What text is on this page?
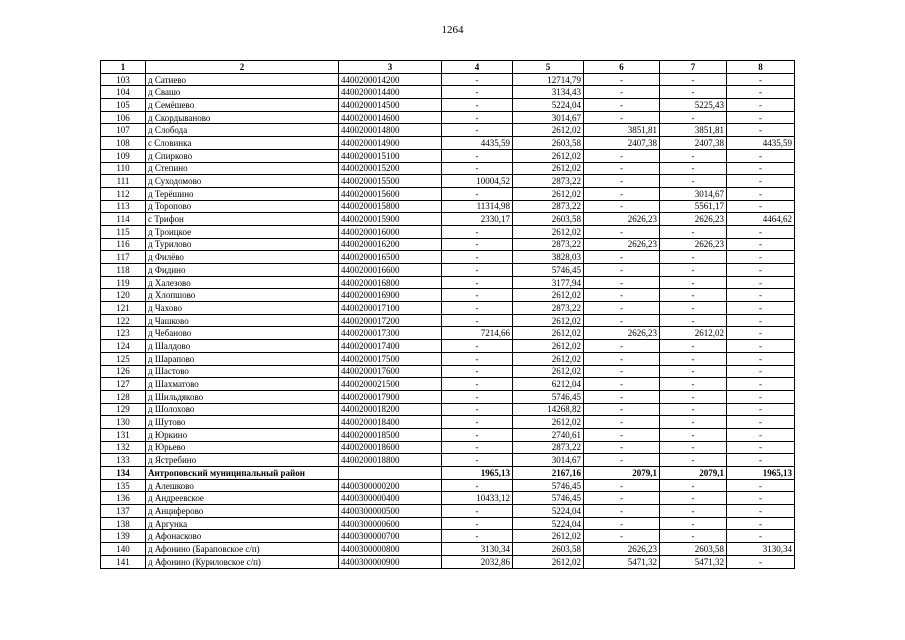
1264
1	2	3	4	5	6	7	8
103	д Сатиево	4400200014200	-	12714,79	-	-	-
104	д Свашо	4400200014400	-	3134,43	-	-	-
105	д Семёшево	4400200014500	-	5224,04	-	5225,43	-
106	д Скордываново	4400200014600	-	3014,67	-	-	-
107	д Слобода	4400200014800	-	2612,02	3851,81	3851,81	-
108	с Словинка	4400200014900	4435,59	2603,58	2407,38	2407,38	4435,59
109	д Спирково	4400200015100	-	2612,02	-	-	-
110	д Степино	4400200015200	-	2612,02	-	-	-
111	д Суходомово	4400200015500	10004,52	2873,22	-	-	-
112	д Терёшино	4400200015600	-	2612,02	-	3014,67	-
113	д Торопово	4400200015800	11314,98	2873,22	-	5561,17	-
114	с Трифон	4400200015900	2330,17	2603,58	2626,23	2626,23	4464,62
115	д Троицкое	4400200016000	-	2612,02	-	-	-
116	д Турилово	4400200016200	-	2873,22	2626,23	2626,23	-
117	д Филёво	4400200016500	-	3828,03	-	-	-
118	д Фидино	4400200016600	-	5746,45	-	-	-
119	д Халезово	4400200016800	-	3177,94	-	-	-
120	д Хлопшово	4400200016900	-	2612,02	-	-	-
121	д Чахово	4400200017100	-	2873,22	-	-	-
122	д Чашково	4400200017200	-	2612,02	-	-	-
123	д Чебаново	4400200017300	7214,66	2612,02	2626,23	2612,02	-
124	д Шалдово	4400200017400	-	2612,02	-	-	-
125	д Шарапово	4400200017500	-	2612,02	-	-	-
126	д Шастово	4400200017600	-	2612,02	-	-	-
127	д Шахматово	4400200021500	-	6212,04	-	-	-
128	д Шильдяково	4400200017900	-	5746,45	-	-	-
129	д Шолохово	4400200018200	-	14268,82	-	-	-
130	д Шутово	4400200018400	-	2612,02	-	-	-
131	д Юркино	4400200018500	-	2740,61	-	-	-
132	д Юрьево	4400200018600	-	2873,22	-	-	-
133	д Ястребино	4400200018800	-	3014,67	-	-	-
134	Антроповский муниципальный район		1965,13	2167,16	2079,1	2079,1	1965,13
135	д Алешково	4400300000200	-	5746,45	-	-	-
136	д Андреевское	4400300000400	10433,12	5746,45	-	-	-
137	д Анциферово	4400300000500	-	5224,04	-	-	-
138	д Аргунка	4400300000600	-	5224,04	-	-	-
139	д Афонасково	4400300000700	-	2612,02	-	-	-
140	д Афонино (Бараповское с/п)	4400300000800	3130,34	2603,58	2626,23	2603,58	3130,34
141	д Афонино (Куриловское с/п)	4400300000900	2032,86	2612,02	5471,32	5471,32	-
